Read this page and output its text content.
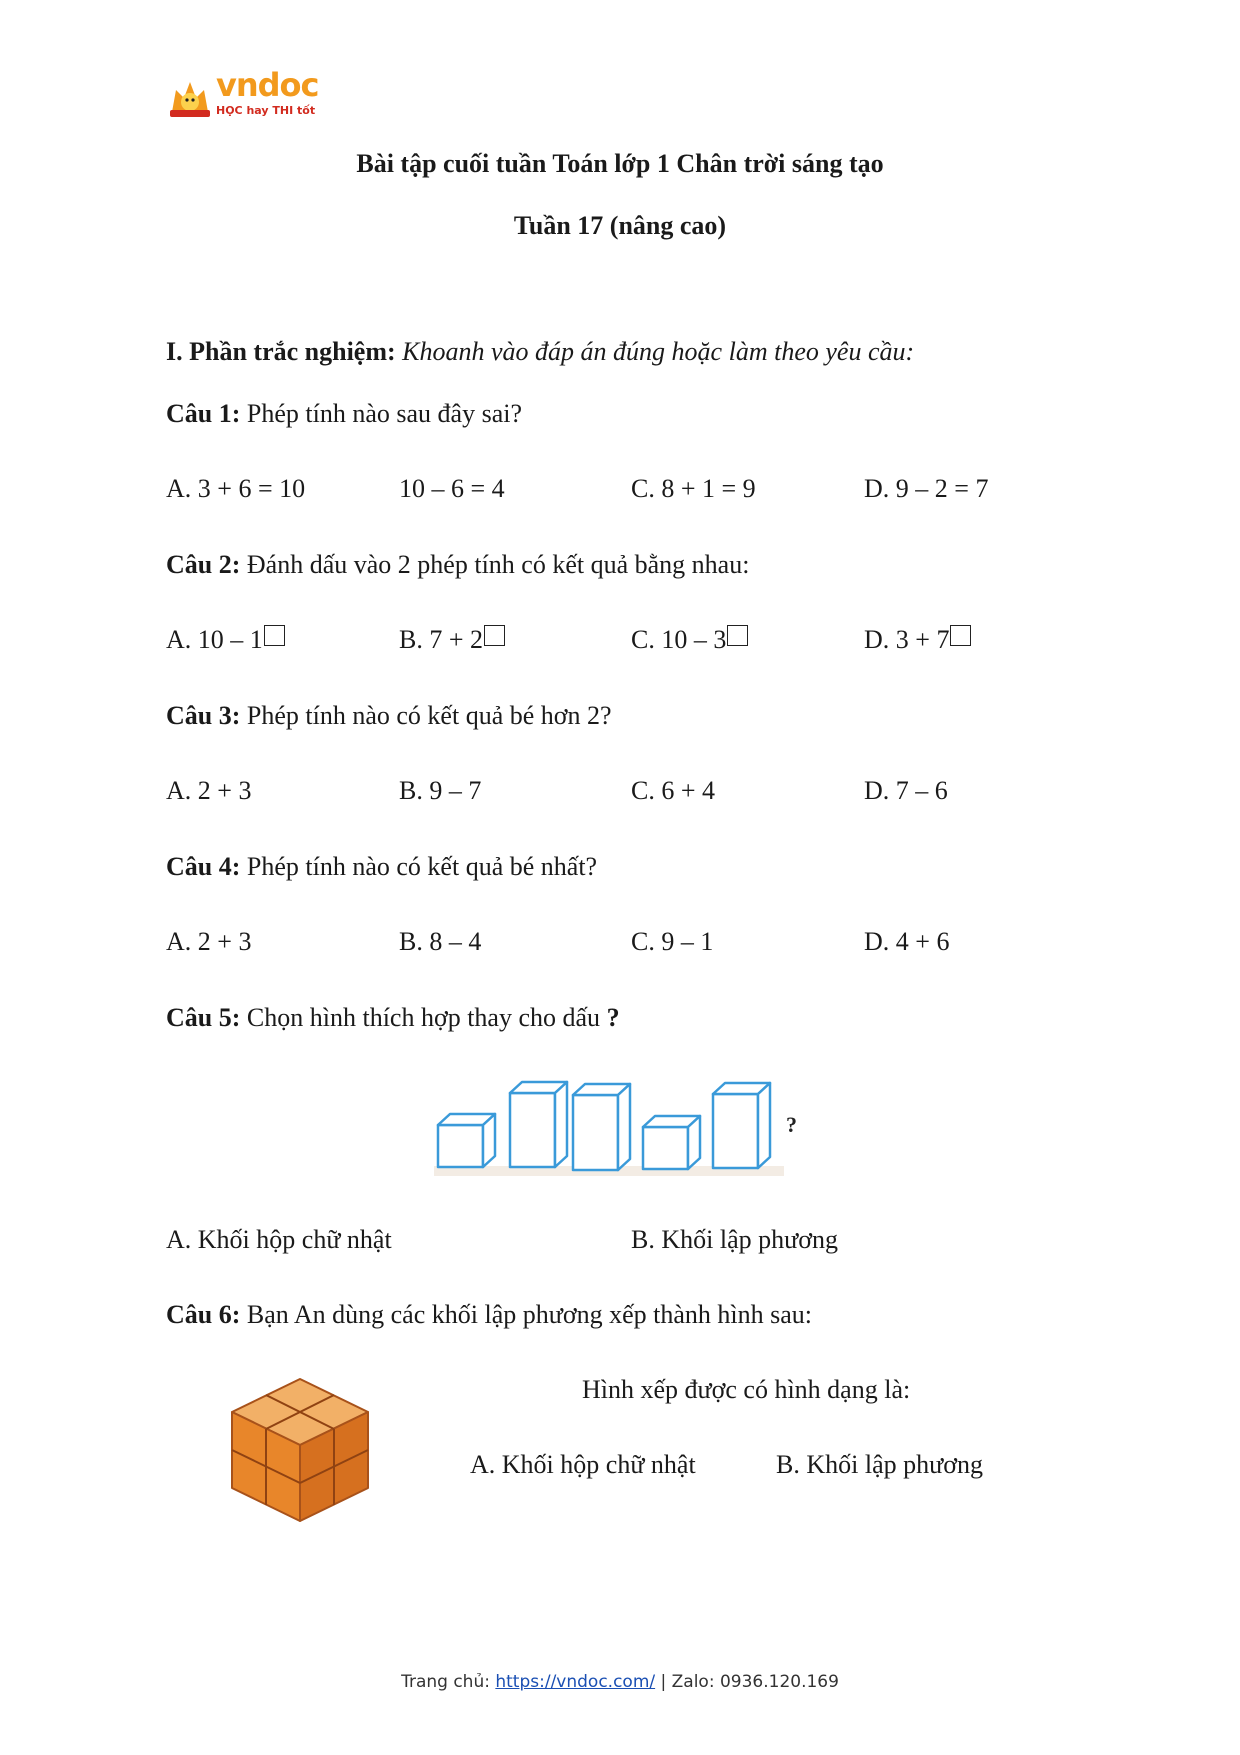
vndoc
HỌC hay THI tốt
Bài tập cuối tuần Toán lớp 1 Chân trời sáng tạo
Tuần 17 (nâng cao)
I. Phần trắc nghiệm: Khoanh vào đáp án đúng hoặc làm theo yêu cầu:
Câu 1: Phép tính nào sau đây sai?
A. 3 + 6 = 10	10 – 6 = 4	C. 8 + 1 = 9	D. 9 – 2 = 7
Câu 2: Đánh dấu vào 2 phép tính có kết quả bằng nhau:
A. 10 – 1	B. 7 + 2	C. 10 – 3	D. 3 + 7
Câu 3: Phép tính nào có kết quả bé hơn 2?
A. 2 + 3	B. 9 – 7	C. 6 + 4	D. 7 – 6
Câu 4: Phép tính nào có kết quả bé nhất?
A. 2 + 3	B. 8 – 4	C. 9 – 1	D. 4 + 6
Câu 5: Chọn hình thích hợp thay cho dấu ?
?
A. Khối hộp chữ nhật	B. Khối lập phương
Câu 6: Bạn An dùng các khối lập phương xếp thành hình sau:
Hình xếp được có hình dạng là:
A. Khối hộp chữ nhật	B. Khối lập phương
Trang chủ: https://vndoc.com/ | Zalo: 0936.120.169
